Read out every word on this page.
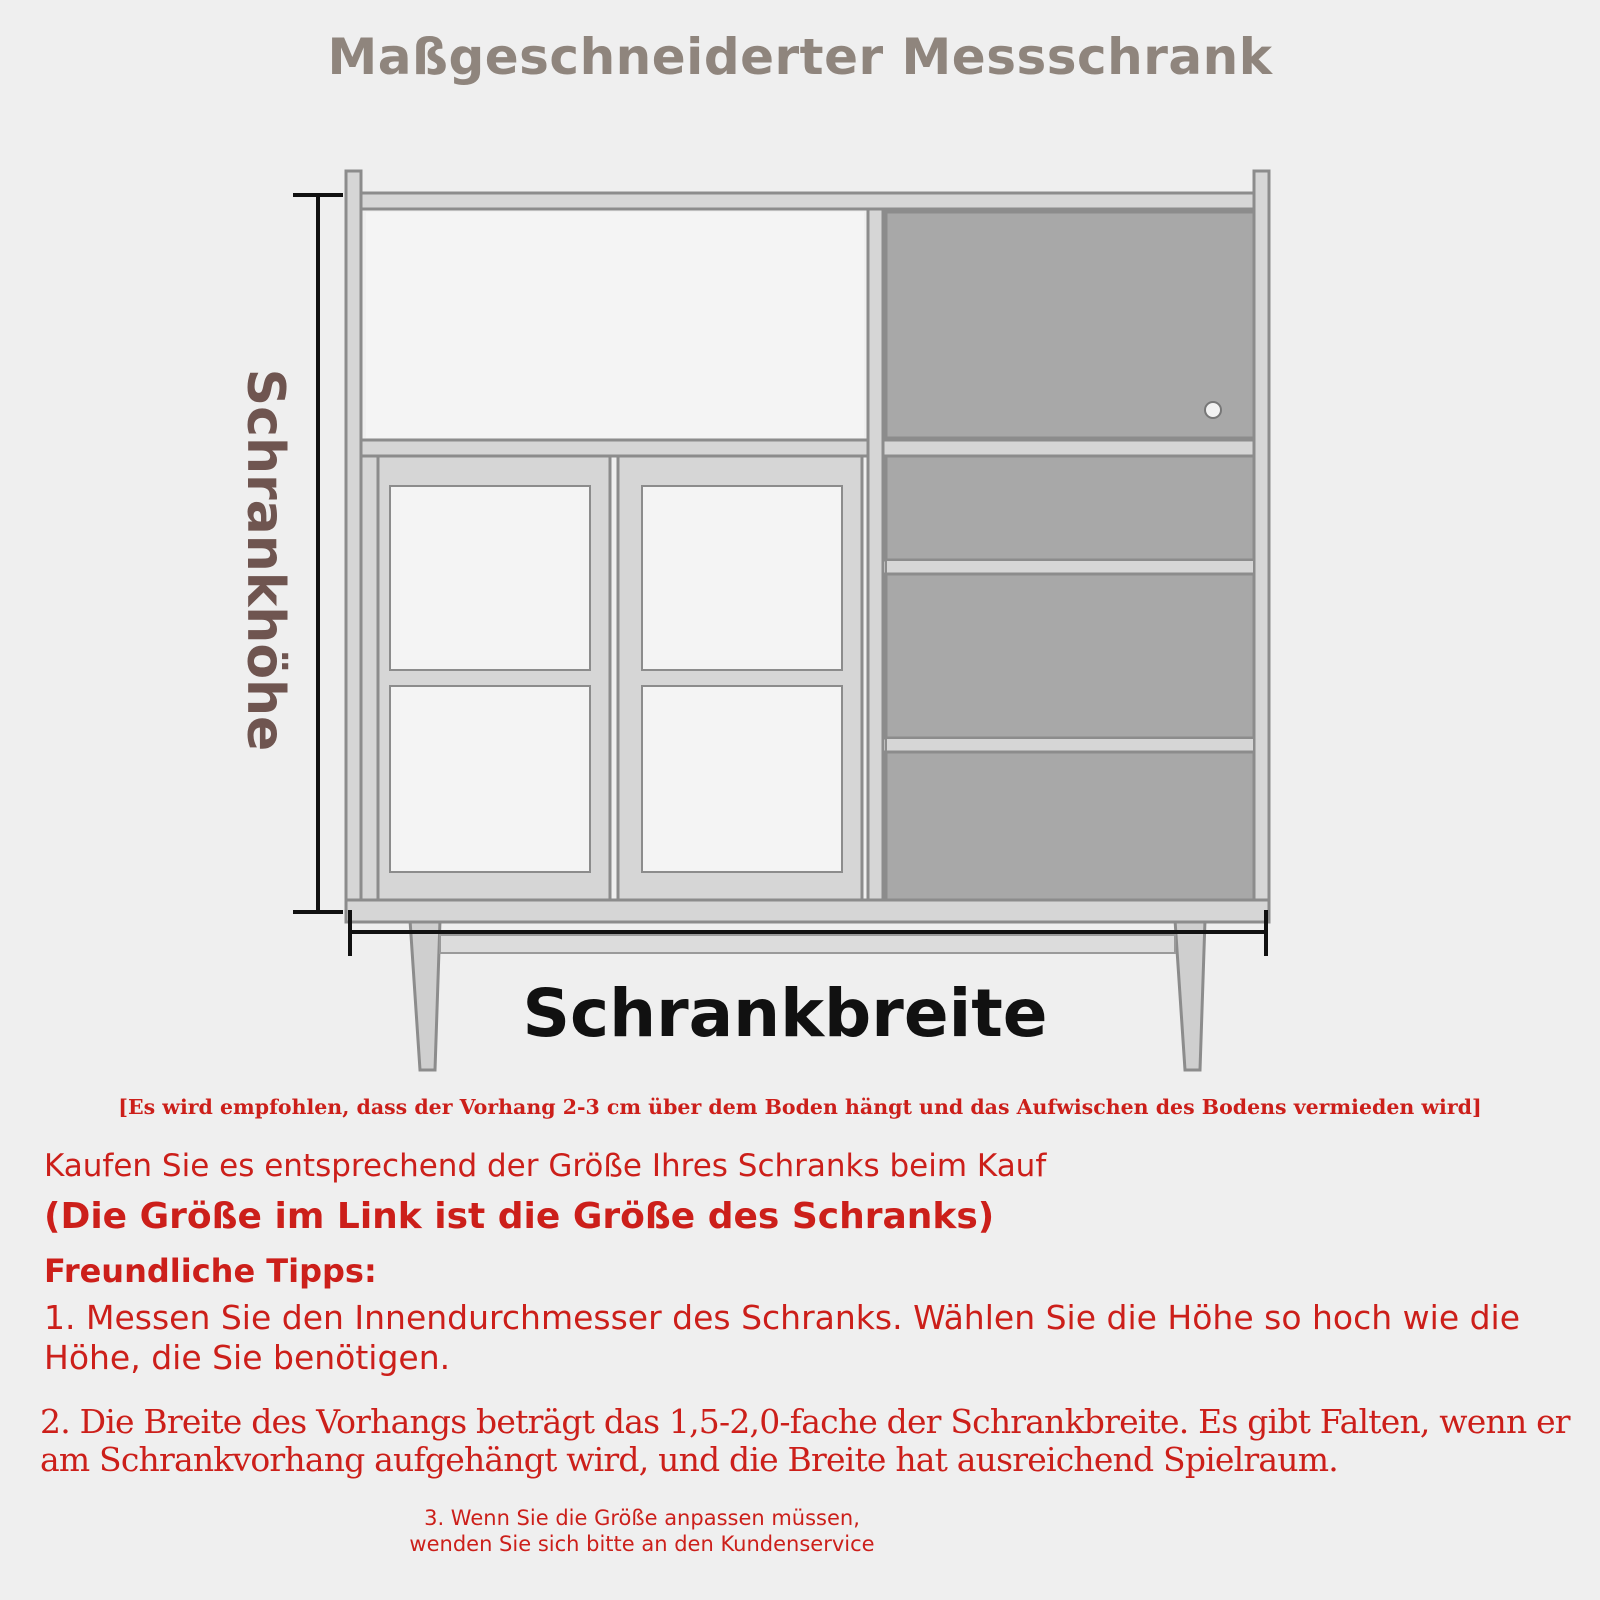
Maßgeschneiderter Messschrank
Schrankhöhe
Schrankbreite
[Es wird empfohlen, dass der Vorhang 2-3 cm über dem Boden hängt und das Aufwischen des Bodens vermieden wird]
Kaufen Sie es entsprechend der Größe Ihres Schranks beim Kauf
(Die Größe im Link ist die Größe des Schranks)
Freundliche Tipps:
1. Messen Sie den Innendurchmesser des Schranks. Wählen Sie die Höhe so hoch wie die Höhe, die Sie benötigen.
2. Die Breite des Vorhangs beträgt das 1,5-2,0-fache der Schrankbreite. Es gibt Falten, wenn er am Schrankvorhang aufgehängt wird, und die Breite hat ausreichend Spielraum.
3. Wenn Sie die Größe anpassen müssen,
wenden Sie sich bitte an den Kundenservice
